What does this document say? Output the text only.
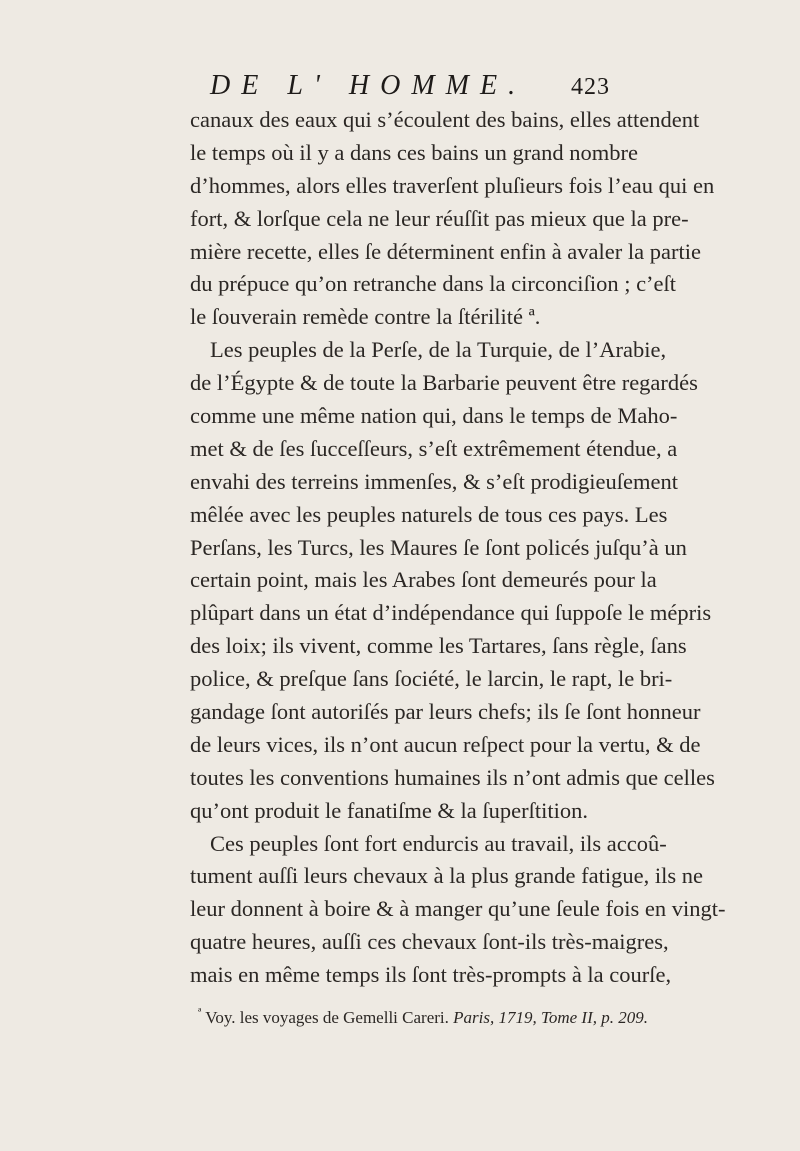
DE L' HOMME. 423
canaux des eaux qui s’écoulent des bains, elles attendent
le temps où il y a dans ces bains un grand nombre
d’hommes, alors elles traverſent pluſieurs fois l’eau qui en
fort, & lorſque cela ne leur réuſſit pas mieux que la pre-
mière recette, elles ſe déterminent enfin à avaler la partie
du prépuce qu’on retranche dans la circonciſion ; c’eſt
le ſouverain remède contre la ſtérilité ª.
Les peuples de la Perſe, de la Turquie, de l’Arabie,
de l’Égypte & de toute la Barbarie peuvent être regardés
comme une même nation qui, dans le temps de Maho-
met & de ſes ſucceſſeurs, s’eſt extrêmement étendue, a
envahi des terreins immenſes, & s’eſt prodigieuſement
mêlée avec les peuples naturels de tous ces pays. Les
Perſans, les Turcs, les Maures ſe ſont policés juſqu’à un
certain point, mais les Arabes ſont demeurés pour la
plûpart dans un état d’indépendance qui ſuppoſe le mépris
des loix; ils vivent, comme les Tartares, ſans règle, ſans
police, & preſque ſans ſociété, le larcin, le rapt, le bri-
gandage ſont autoriſés par leurs chefs; ils ſe ſont honneur
de leurs vices, ils n’ont aucun reſpect pour la vertu, & de
toutes les conventions humaines ils n’ont admis que celles
qu’ont produit le fanatiſme & la ſuperſtition.
Ces peuples ſont fort endurcis au travail, ils accoû-
tument auſſi leurs chevaux à la plus grande fatigue, ils ne
leur donnent à boire & à manger qu’une ſeule fois en vingt-
quatre heures, auſſi ces chevaux ſont-ils très-maigres,
mais en même temps ils ſont très-prompts à la courſe,
$^ª$ Voy. les voyages de Gemelli Careri. Paris, 1719, Tome II, p. 209.
